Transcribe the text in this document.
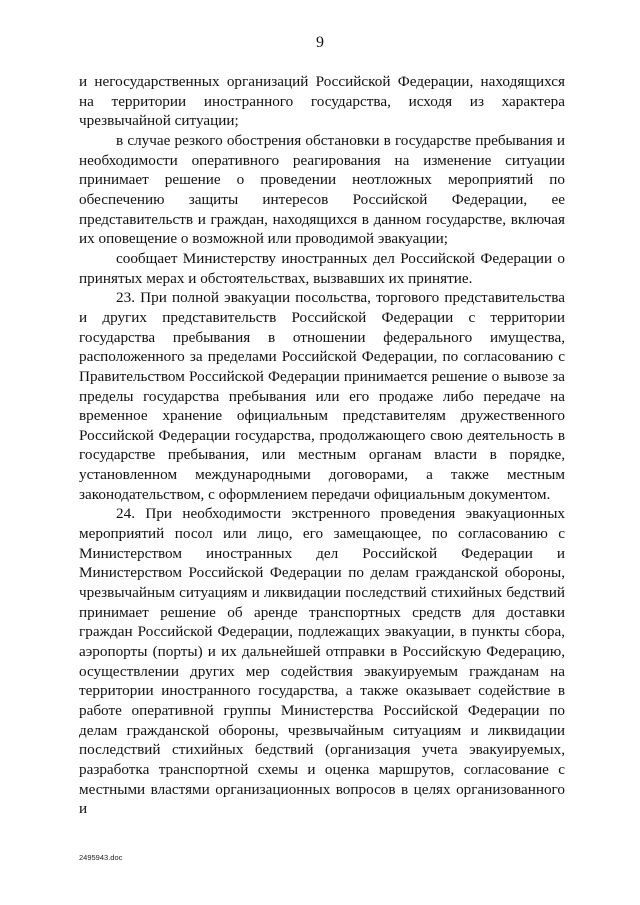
9

и негосударственных организаций Российской Федерации, находящихся на территории иностранного государства, исходя из характера чрезвычайной ситуации;

в случае резкого обострения обстановки в государстве пребывания и необходимости оперативного реагирования на изменение ситуации принимает решение о проведении неотложных мероприятий по обеспечению защиты интересов Российской Федерации, ее представительств и граждан, находящихся в данном государстве, включая их оповещение о возможной или проводимой эвакуации;

сообщает Министерству иностранных дел Российской Федерации о принятых мерах и обстоятельствах, вызвавших их принятие.

23. При полной эвакуации посольства, торгового представительства и других представительств Российской Федерации с территории государства пребывания в отношении федерального имущества, расположенного за пределами Российской Федерации, по согласованию с Правительством Российской Федерации принимается решение о вывозе за пределы государства пребывания или его продаже либо передаче на временное хранение официальным представителям дружественного Российской Федерации государства, продолжающего свою деятельность в государстве пребывания, или местным органам власти в порядке, установленном международными договорами, а также местным законодательством, с оформлением передачи официальным документом.

24. При необходимости экстренного проведения эвакуационных мероприятий посол или лицо, его замещающее, по согласованию с Министерством иностранных дел Российской Федерации и Министерством Российской Федерации по делам гражданской обороны, чрезвычайным ситуациям и ликвидации последствий стихийных бедствий принимает решение об аренде транспортных средств для доставки граждан Российской Федерации, подлежащих эвакуации, в пункты сбора, аэропорты (порты) и их дальнейшей отправки в Российскую Федерацию, осуществлении других мер содействия эвакуируемым гражданам на территории иностранного государства, а также оказывает содействие в работе оперативной группы Министерства Российской Федерации по делам гражданской обороны, чрезвычайным ситуациям и ликвидации последствий стихийных бедствий (организация учета эвакуируемых, разработка транспортной схемы и оценка маршрутов, согласование с местными властями организационных вопросов в целях организованного и

2495943.doc
